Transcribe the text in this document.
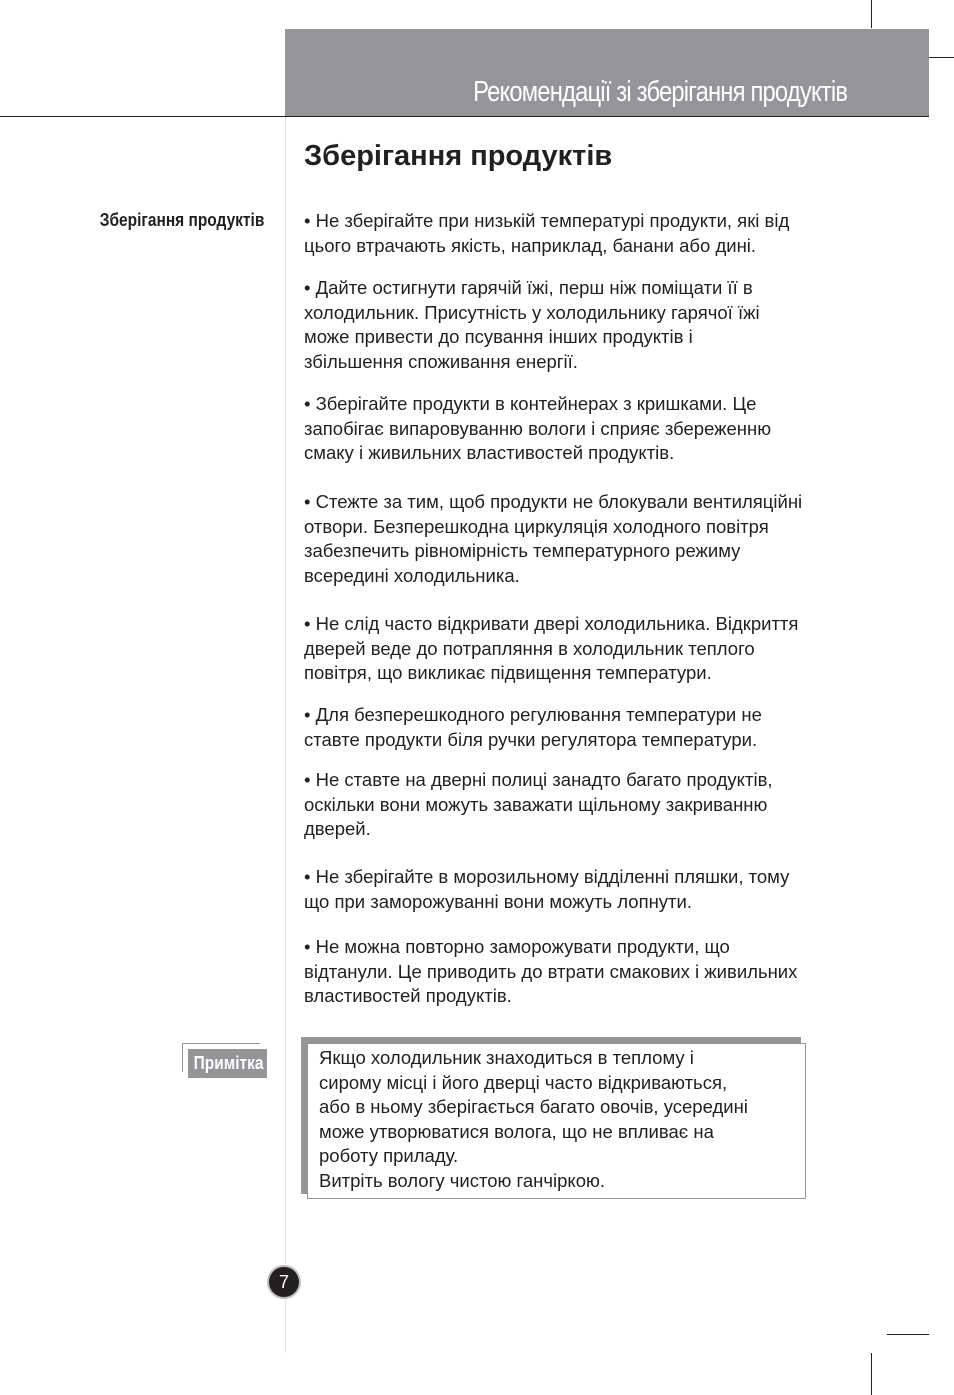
Рекомендації зі зберігання продуктів
Зберігання продуктів
Зберігання продуктів • Не зберігайте при низькій температурі продукти, які від
цього втрачають якість, наприклад, банани або дині.
• Дайте остигнути гарячій їжі, перш ніж поміщати її в
холодильник. Присутність у холодильнику гарячої їжі
може привести до псування інших продуктів і
збільшення споживання енергії.
• Зберігайте продукти в контейнерах з кришками. Це
запобігає випаровуванню вологи і сприяє збереженню
смаку і живильних властивостей продуктів.
• Стежте за тим, щоб продукти не блокували вентиляційні
отвори. Безперешкодна циркуляція холодного повітря
забезпечить рівномірність температурного режиму
всередині холодильника.
• Не слід часто відкривати двері холодильника. Відкриття
дверей веде до потрапляння в холодильник теплого
повітря, що викликає підвищення температури.
• Для безперешкодного регулювання температури не
ставте продукти біля ручки регулятора температури.
• Не ставте на дверні полиці занадто багато продуктів,
оскільки вони можуть заважати щільному закриванню
дверей.
• Не зберігайте в морозильному відділенні пляшки, тому
що при заморожуванні вони можуть лопнути.
• Не можна повторно заморожувати продукти, що
відтанули. Це приводить до втрати смакових і живильних
властивостей продуктів.
Примітка	Якщо холодильник знаходиться в теплому і
сирому місці і його дверці часто відкриваються,
або в ньому зберігається багато овочів, усередині
може утворюватися волога, що не впливає на
роботу приладу.
Витріть вологу чистою ганчіркою.
7
